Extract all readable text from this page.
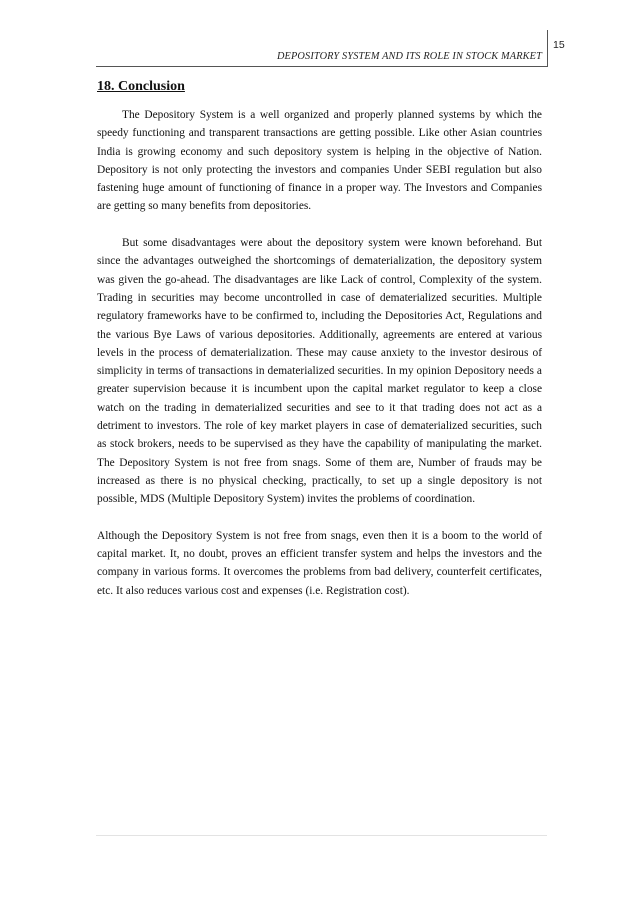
15
DEPOSITORY SYSTEM AND ITS ROLE IN STOCK MARKET
18. Conclusion

The Depository System is a well organized and properly planned systems by which the speedy functioning and transparent transactions are getting possible. Like other Asian countries India is growing economy and such depository system is helping in the objective of Nation. Depository is not only protecting the investors and companies Under SEBI regulation but also fastening huge amount of functioning of finance in a proper way. The Investors and Companies are getting so many benefits from depositories.

But some disadvantages were about the depository system were known beforehand. But since the advantages outweighed the shortcomings of dematerialization, the depository system was given the go-ahead. The disadvantages are like Lack of control, Complexity of the system. Trading in securities may become uncontrolled in case of dematerialized securities. Multiple regulatory frameworks have to be confirmed to, including the Depositories Act, Regulations and the various Bye Laws of various depositories. Additionally, agreements are entered at various levels in the process of dematerialization. These may cause anxiety to the investor desirous of simplicity in terms of transactions in dematerialized securities. In my opinion Depository needs a greater supervision because it is incumbent upon the capital market regulator to keep a close watch on the trading in dematerialized securities and see to it that trading does not act as a detriment to investors. The role of key market players in case of dematerialized securities, such as stock brokers, needs to be supervised as they have the capability of manipulating the market. The Depository System is not free from snags. Some of them are, Number of frauds may be increased as there is no physical checking, practically, to set up a single depository is not possible, MDS (Multiple Depository System) invites the problems of coordination.

Although the Depository System is not free from snags, even then it is a boom to the world of capital market. It, no doubt, proves an efficient transfer system and helps the investors and the company in various forms. It overcomes the problems from bad delivery, counterfeit certificates, etc. It also reduces various cost and expenses (i.e. Registration cost).
